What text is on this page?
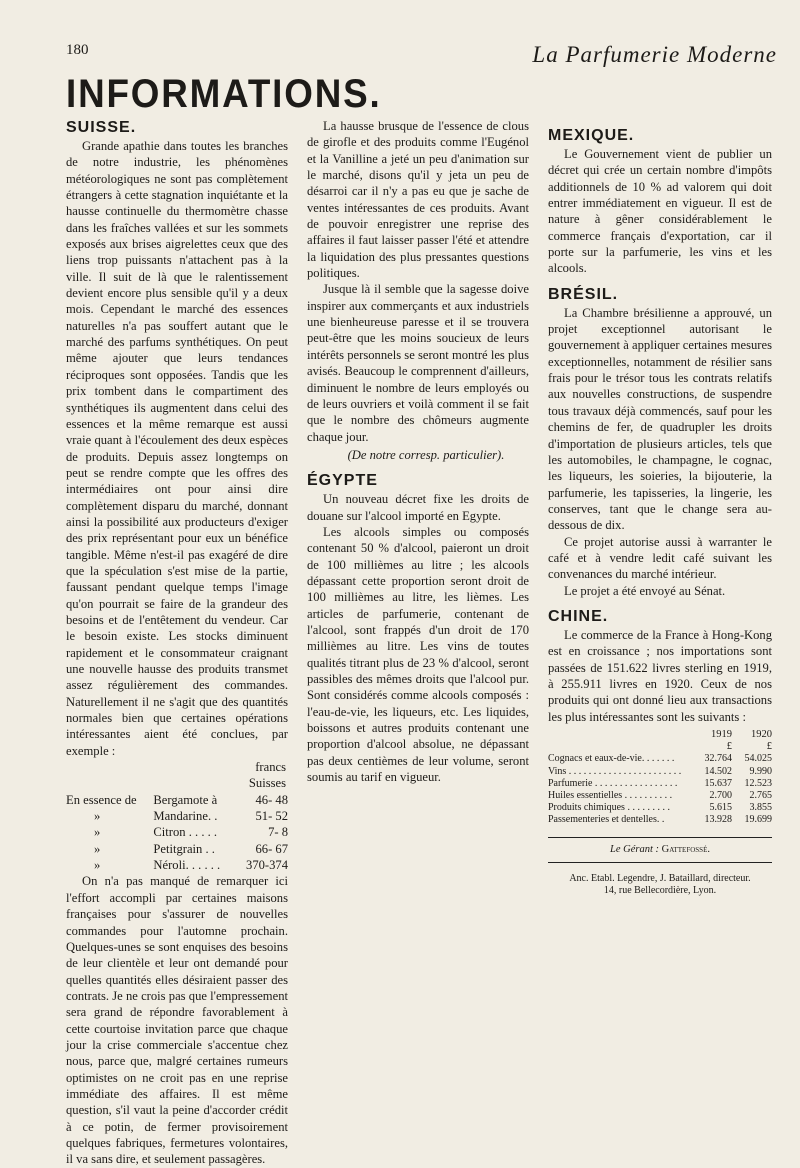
180	La Parfumerie Moderne
INFORMATIONS.
SUISSE.

Grande apathie dans toutes les branches de notre industrie, les phénomènes météorologiques ne sont pas complètement étrangers à cette stagnation inquiétante et la hausse continuelle du thermomètre chasse dans les fraîches vallées et sur les sommets exposés aux brises aigrelettes ceux que des liens trop puissants n'attachent pas à la ville. Il suit de là que le ralentissement devient encore plus sensible qu'il y a deux mois. Cependant le marché des essences naturelles n'a pas souffert autant que le marché des parfums synthétiques. On peut même ajouter que leurs tendances réciproques sont opposées. Tandis que les prix tombent dans le compartiment des synthétiques ils augmentent dans celui des essences et la même remarque est aussi vraie quant à l'écoulement des deux espèces de produits. Depuis assez longtemps on peut se rendre compte que les offres des intermédiaires ont pour ainsi dire complètement disparu du marché, donnant ainsi la possibilité aux producteurs d'exiger des prix représentant pour eux un bénéfice tangible. Même n'est-il pas exagéré de dire que la spéculation s'est mise de la partie, faussant pendant quelque temps l'image qu'on pourrait se faire de la grandeur des besoins et de l'entêtement du vendeur. Car le besoin existe. Les stocks diminuent rapidement et le consommateur craignant une nouvelle hausse des produits transmet assez régulièrement des commandes. Naturellement il ne s'agit que des quantités normales bien que certaines opérations intéressantes aient été conclues, par exemple :

francs
Suisses
En essence de	Bergamote à	46- 48
»	Mandarine. .	51- 52
»	Citron . . . . .	7- 8
»	Petitgrain . .	66- 67
»	Néroli. . . . . .	370-374

On n'a pas manqué de remarquer ici l'effort accompli par certaines maisons françaises pour s'assurer de nouvelles commandes pour l'automne prochain. Quelques-unes se sont enquises des besoins de leur clientèle et leur ont demandé pour quelles quantités elles désiraient passer des contrats. Je ne crois pas que l'empressement sera grand de répondre favorablement à cette courtoise invitation parce que chaque jour la crise commerciale s'accentue chez nous, parce que, malgré certaines rumeurs optimistes on ne croit pas en une reprise immédiate des affaires. Il est même question, s'il vaut la peine d'accorder crédit à ce potin, de fermer provisoirement quelques fabriques, fermetures volontaires, il va sans dire, et seulement passagères.

La hausse brusque de l'essence de clous de girofle et des produits comme l'Eugénol et la Vanilline a jeté un peu d'animation sur le marché, disons qu'il y jeta un peu de désarroi car il n'y a pas eu que je sache de ventes intéressantes de ces produits. Avant de pouvoir enregistrer une reprise des affaires il faut laisser passer l'été et attendre la liquidation des plus pressantes questions politiques.

Jusque là il semble que la sagesse doive inspirer aux commerçants et aux industriels une bienheureuse paresse et il se trouvera peut-être que les moins soucieux de leurs intérêts personnels se seront montré les plus avisés. Beaucoup le comprennent d'ailleurs, diminuent le nombre de leurs employés ou de leurs ouvriers et voilà comment il se fait que le nombre des chômeurs augmente chaque jour.

(De notre corresp. particulier).

ÉGYPTE

Un nouveau décret fixe les droits de douane sur l'alcool importé en Egypte.

Les alcools simples ou composés contenant 50 % d'alcool, paieront un droit de 100 millièmes au litre ; les alcools dépassant cette proportion seront droit de 100 millièmes au litre, les lièmes. Les articles de parfumerie, contenant de l'alcool, sont frappés d'un droit de 170 millièmes au litre. Les vins de toutes qualités titrant plus de 23 % d'alcool, seront passibles des mêmes droits que l'alcool pur. Sont considérés comme alcools composés : l'eau-de-vie, les liqueurs, etc. Les liquides, boissons et autres produits contenant une proportion d'alcool absolue, ne dépassant pas deux centièmes de leur volume, seront soumis au tarif en vigueur.

MEXIQUE.

Le Gouvernement vient de publier un décret qui crée un certain nombre d'impôts additionnels de 10 % ad valorem qui doit entrer immédiatement en vigueur. Il est de nature à gêner considérablement le commerce français d'exportation, car il porte sur la parfumerie, les vins et les alcools.

BRÉSIL.

La Chambre brésilienne a approuvé, un projet exceptionnel autorisant le gouvernement à appliquer certaines mesures exceptionnelles, notamment de résilier sans frais pour le trésor tous les contrats relatifs aux nouvelles constructions, de suspendre tous travaux déjà commencés, sauf pour les chemins de fer, de quadrupler les droits d'importation de plusieurs articles, tels que les automobiles, le champagne, le cognac, les liqueurs, les soieries, la bijouterie, la parfumerie, les tapisseries, la lingerie, les conserves, tant que le change sera au-dessous de dix.

Ce projet autorise aussi à warranter le café et à vendre ledit café suivant les convenances du marché intérieur.

Le projet a été envoyé au Sénat.

CHINE.

Le commerce de la France à Hong-Kong est en croissance ; nos importations sont passées de 151.622 livres sterling en 1919, à 255.911 livres en 1920. Ceux de nos produits qui ont donné lieu aux transactions les plus intéressantes sont les suivants :

	1919	1920
	£	£
Cognacs et eaux-de-vie. . . . . . .	32.764	54.025
Vins . . . . . . . . . . . . . . . . . . . . . . .	14.502	9.990
Parfumerie . . . . . . . . . . . . . . . . .	15.637	12.523
Huiles essentielles . . . . . . . . . .	2.700	2.765
Produits chimiques . . . . . . . . .	5.615	3.855
Passementeries et dentelles. .	13.928	19.699
Le Gérant : Gattefossé.
Anc. Etabl. Legendre, J. Bataillard, directeur.
14, rue Bellecordière, Lyon.
